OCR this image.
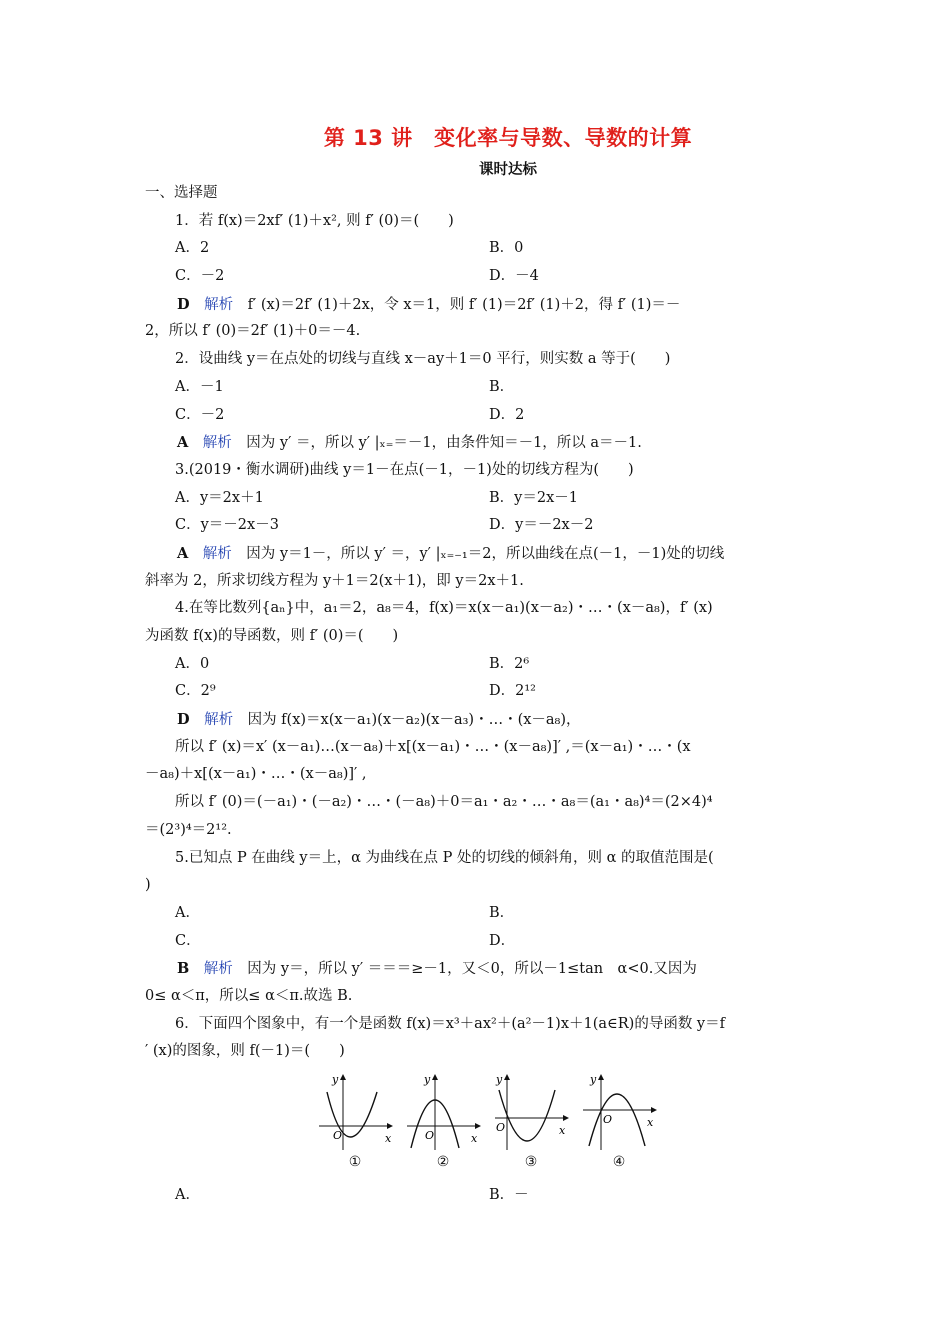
第 13 讲　变化率与导数、导数的计算
课时达标
一、选择题
1．若 f(x)＝2xf′ (1)＋x², 则 f′ (0)＝(　　)
A．2	B．0
C．－2	D．－4
D　 解析　 f′ (x)＝2f′ (1)＋2x，令 x＝1，则 f′ (1)＝2f′ (1)＋2，得 f′ (1)＝－
2，所以 f′ (0)＝2f′ (1)＋0＝－4.
2．设曲线 y＝在点处的切线与直线 x－ay＋1＝0 平行，则实数 a 等于(　　)
A．－1	B．
C．－2	D．2
A　 解析　 因为 y′ ＝，所以 y′ |ₓ₌＝－1，由条件知＝－1，所以 a＝－1.
3.(2019・衡水调研)曲线 y＝1－在点(－1，－1)处的切线方程为(　　)
A．y＝2x＋1	B．y＝2x－1
C．y＝－2x－3	D．y＝－2x－2
A　 解析　 因为 y＝1－，所以 y′ ＝，y′ |ₓ₌₋₁＝2，所以曲线在点(－1，－1)处的切线
斜率为 2，所求切线方程为 y＋1＝2(x＋1)，即 y＝2x＋1.
4.在等比数列{aₙ}中，a₁＝2，a₈＝4，f(x)＝x(x－a₁)(x－a₂)・…・(x－a₈)，f′ (x)
为函数 f(x)的导函数，则 f′ (0)＝(　　)
A．0	B．2⁶
C．2⁹	D．2¹²
D　 解析　 因为 f(x)＝x(x－a₁)(x－a₂)(x－a₃)・…・(x－a₈)，
所以 f′ (x)＝x′ (x－a₁)…(x－a₈)＋x[(x－a₁)・…・(x－a₈)]′ ,＝(x－a₁)・…・(x
－a₈)＋x[(x－a₁)・…・(x－a₈)]′ ,
所以 f′ (0)＝(－a₁)・(－a₂)・…・(－a₈)＋0＝a₁・a₂・…・a₈＝(a₁・a₈)⁴＝(2×4)⁴
＝(2³)⁴＝2¹².
5.已知点 P 在曲线 y＝上，α 为曲线在点 P 处的切线的倾斜角，则 α 的取值范围是(
)
A．	B．
C．	D．
B　 解析　 因为 y＝，所以 y′ ＝＝＝≥－1，又＜0，所以－1≤tan　α<0.又因为
0≤ α＜π，所以≤ α＜π.故选 B.
6．下面四个图象中，有一个是函数 f(x)＝x³＋ax²＋(a²－1)x＋1(a∈R)的导函数 y＝f
′ (x)的图象，则 f(－1)＝(　　)
y
x
O
①
y
x
O
②
y
x
O
③
y
x
O
④
A．	B．－
